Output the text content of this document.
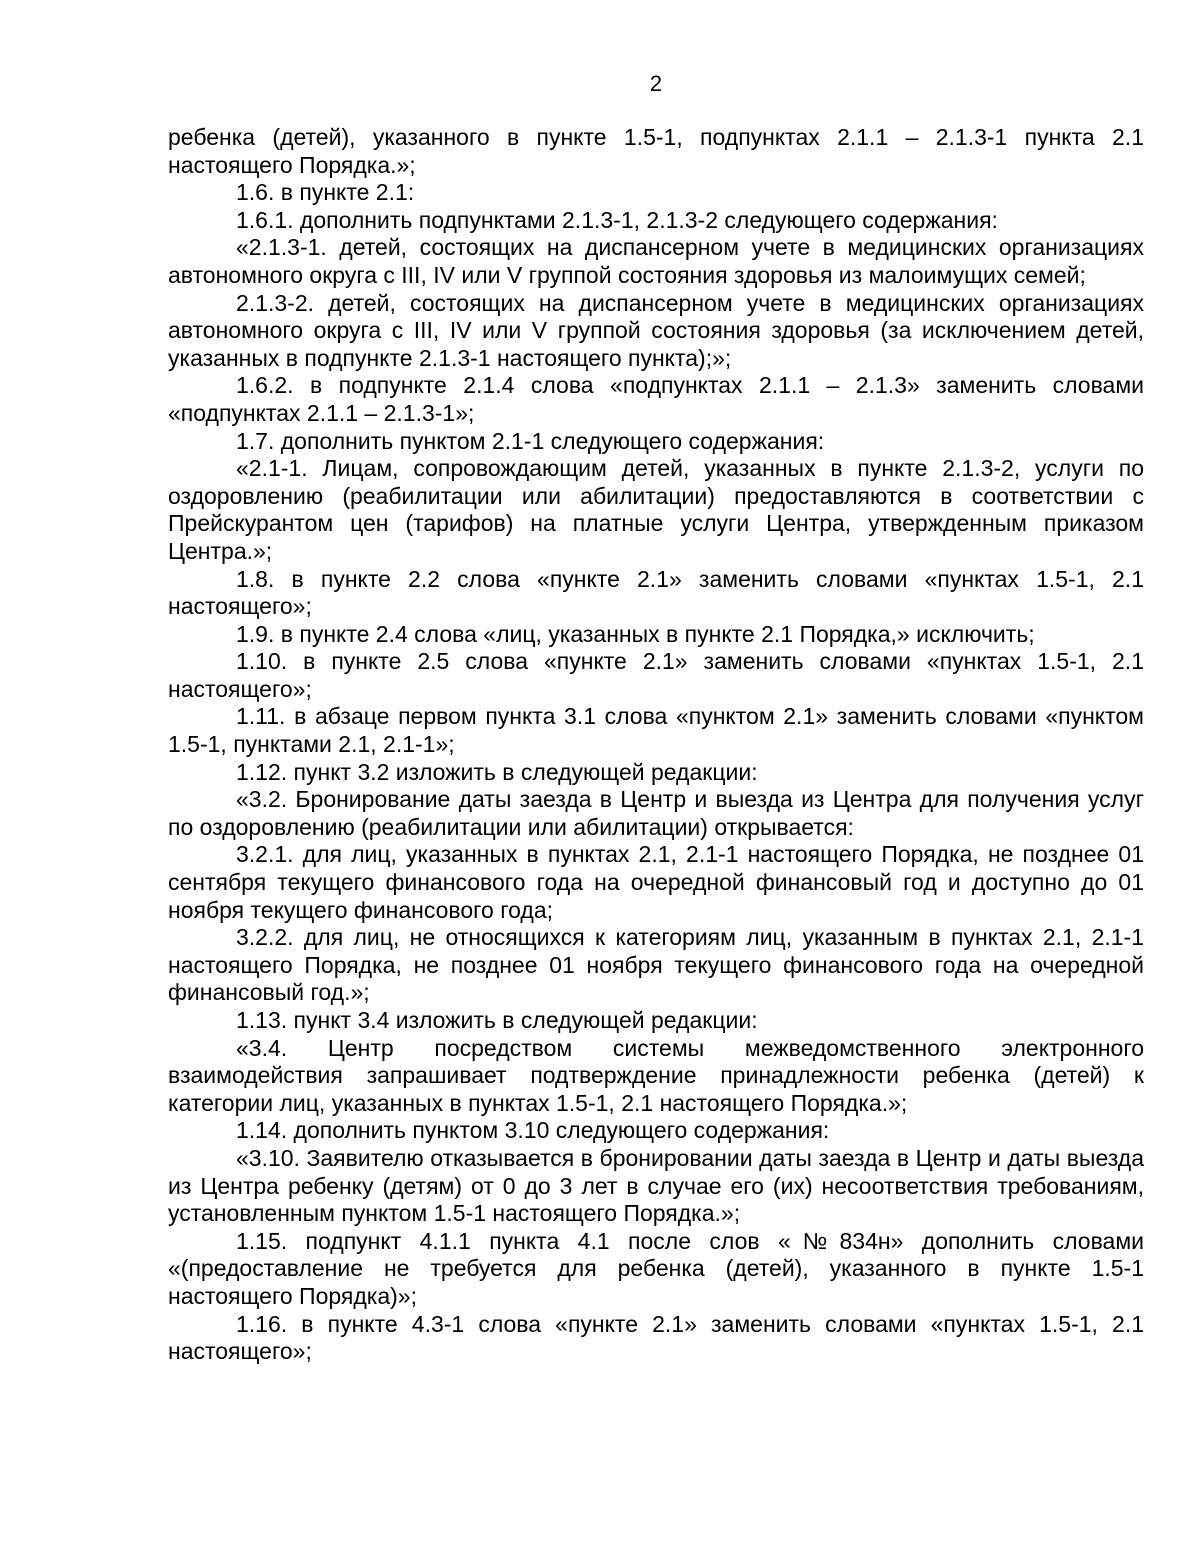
2

ребенка (детей), указанного в пункте 1.5-1, подпунктах 2.1.1 – 2.1.3-1 пункта 2.1 настоящего Порядка.»;

1.6. в пункте 2.1:

1.6.1. дополнить подпунктами 2.1.3-1, 2.1.3-2 следующего содержания:

«2.1.3-1. детей, состоящих на диспансерном учете в медицинских организациях автономного округа с III, IV или V группой состояния здоровья из малоимущих семей;

2.1.3-2. детей, состоящих на диспансерном учете в медицинских организациях автономного округа с III, IV или V группой состояния здоровья (за исключением детей, указанных в подпункте 2.1.3-1 настоящего пункта);»;

1.6.2. в подпункте 2.1.4 слова «подпунктах 2.1.1 – 2.1.3» заменить словами «подпунктах 2.1.1 – 2.1.3-1»;

1.7. дополнить пунктом 2.1-1 следующего содержания:

«2.1-1. Лицам, сопровождающим детей, указанных в пункте 2.1.3-2, услуги по оздоровлению (реабилитации или абилитации) предоставляются в соответствии с Прейскурантом цен (тарифов) на платные услуги Центра, утвержденным приказом Центра.»;

1.8. в пункте 2.2 слова «пункте 2.1» заменить словами «пунктах 1.5-1, 2.1 настоящего»;

1.9. в пункте 2.4 слова «лиц, указанных в пункте 2.1 Порядка,» исключить;

1.10. в пункте 2.5 слова «пункте 2.1» заменить словами «пунктах 1.5-1, 2.1 настоящего»;

1.11. в абзаце первом пункта 3.1 слова «пунктом 2.1» заменить словами «пунктом 1.5-1, пунктами 2.1, 2.1-1»;

1.12. пункт 3.2 изложить в следующей редакции:

«3.2. Бронирование даты заезда в Центр и выезда из Центра для получения услуг по оздоровлению (реабилитации или абилитации) открывается:

3.2.1. для лиц, указанных в пунктах 2.1, 2.1-1 настоящего Порядка, не позднее 01 сентября текущего финансового года на очередной финансовый год и доступно до 01 ноября текущего финансового года;

3.2.2. для лиц, не относящихся к категориям лиц, указанным в пунктах 2.1, 2.1-1 настоящего Порядка, не позднее 01 ноября текущего финансового года на очередной финансовый год.»;

1.13. пункт 3.4 изложить в следующей редакции:

«3.4. Центр посредством системы межведомственного электронного взаимодействия запрашивает подтверждение принадлежности ребенка (детей) к категории лиц, указанных в пунктах 1.5-1, 2.1 настоящего Порядка.»;

1.14. дополнить пунктом 3.10 следующего содержания:

«3.10. Заявителю отказывается в бронировании даты заезда в Центр и даты выезда из Центра ребенку (детям) от 0 до 3 лет в случае его (их) несоответствия требованиям, установленным пунктом 1.5-1 настоящего Порядка.»;

1.15. подпункт 4.1.1 пункта 4.1 после слов «№834н» дополнить словами «(предоставление не требуется для ребенка (детей), указанного в пункте 1.5-1 настоящего Порядка)»;

1.16. в пункте 4.3-1 слова «пункте 2.1» заменить словами «пунктах 1.5-1, 2.1 настоящего»;
